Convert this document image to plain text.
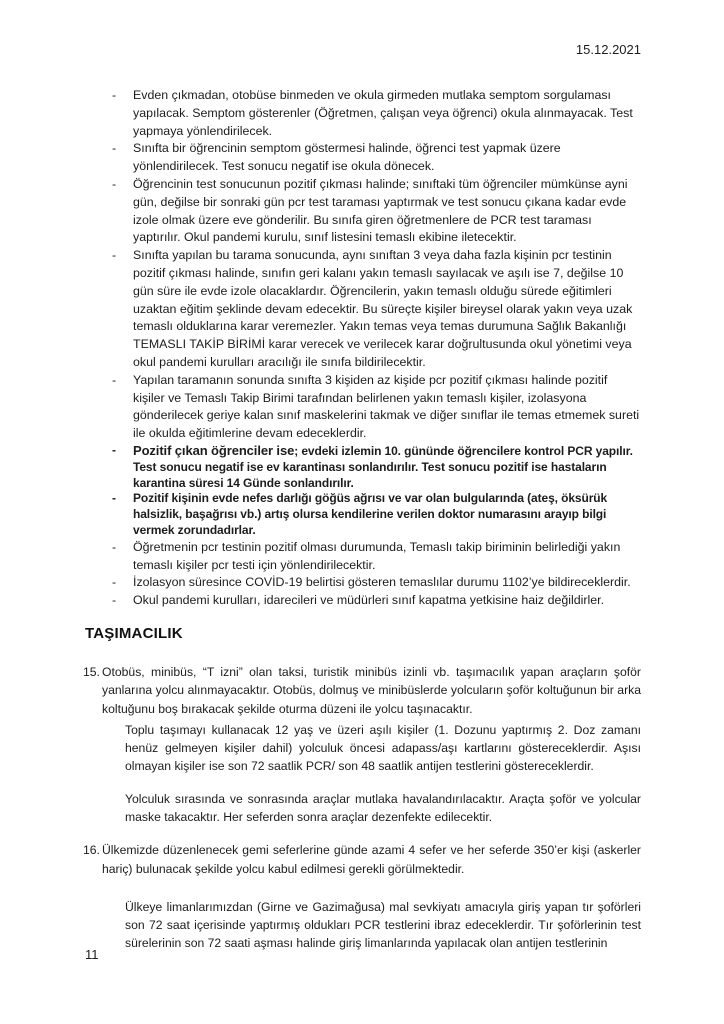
15.12.2021
- Evden çıkmadan, otobüse binmeden ve okula girmeden mutlaka semptom sorgulaması yapılacak. Semptom gösterenler (Öğretmen, çalışan veya öğrenci) okula alınmayacak. Test yapmaya yönlendirilecek.
- Sınıfta bir öğrencinin semptom göstermesi halinde, öğrenci test yapmak üzere yönlendirilecek. Test sonucu negatif ise okula dönecek.
- Öğrencinin test sonucunun pozitif çıkması halinde; sınıftaki tüm öğrenciler mümkünse ayni gün, değilse bir sonraki gün pcr test taraması yaptırmak ve test sonucu çıkana kadar evde izole olmak üzere eve gönderilir. Bu sınıfa giren öğretmenlere de PCR test taraması yaptırılır. Okul pandemi kurulu, sınıf listesini temaslı ekibine iletecektir.
- Sınıfta yapılan bu tarama sonucunda, aynı sınıftan 3 veya daha fazla kişinin pcr testinin pozitif çıkması halinde, sınıfın geri kalanı yakın temaslı sayılacak ve aşılı ise 7, değilse 10 gün süre ile evde izole olacaklardır. Öğrencilerin, yakın temaslı olduğu sürede eğitimleri uzaktan eğitim şeklinde devam edecektir. Bu süreçte kişiler bireysel olarak yakın veya uzak temaslı olduklarına karar veremezler. Yakın temas veya temas durumuna Sağlık Bakanlığı TEMASLI TAKİP BİRİMİ karar verecek ve verilecek karar doğrultusunda okul yönetimi veya okul pandemi kurulları aracılığı ile sınıfa bildirilecektir.
- Yapılan taramanın sonunda sınıfta 3 kişiden az kişide pcr pozitif çıkması halinde pozitif kişiler ve Temaslı Takip Birimi tarafından belirlenen yakın temaslı kişiler, izolasyona gönderilecek geriye kalan sınıf maskelerini takmak ve diğer sınıflar ile temas etmemek sureti ile okulda eğitimlerine devam edeceklerdir.
- Pozitif çıkan öğrenciler ise; evdeki izlemin 10. gününde öğrencilere kontrol PCR yapılır. Test sonucu negatif ise ev karantinası sonlandırılır. Test sonucu pozitif ise hastaların karantina süresi 14 Günde sonlandırılır.
- Pozitif kişinin evde nefes darlığı göğüs ağrısı ve var olan bulgularında (ateş, öksürük halsizlik, başağrısı vb.) artış olursa kendilerine verilen doktor numarasını arayıp bilgi vermek zorundadırlar.
- Öğretmenin pcr testinin pozitif olması durumunda, Temaslı takip biriminin belirlediği yakın temaslı kişiler pcr testi için yönlendirilecektir.
- İzolasyon süresince COVİD-19 belirtisi gösteren temaslılar durumu 1102’ye bildireceklerdir.
- Okul pandemi kurulları, idarecileri ve müdürleri sınıf kapatma yetkisine haiz değildirler.
TAŞIMACILIK
15. Otobüs, minibüs, “T izni” olan taksi, turistik minibüs izinli vb. taşımacılık yapan araçların şoför yanlarına yolcu alınmayacaktır. Otobüs, dolmuş ve minibüslerde yolcuların şoför koltuğunun bir arka koltuğunu boş bırakacak şekilde oturma düzeni ile yolcu taşınacaktır.

Toplu taşımayı kullanacak 12 yaş ve üzeri aşılı kişiler (1. Dozunu yaptırmış 2. Doz zamanı henüz gelmeyen kişiler dahil) yolculuk öncesi adapass/aşı kartlarını göstereceklerdir. Aşısı olmayan kişiler ise son 72 saatlik PCR/ son 48 saatlik antijen testlerini göstereceklerdir.

Yolculuk sırasında ve sonrasında araçlar mutlaka havalandırılacaktır. Araçta şoför ve yolcular maske takacaktır. Her seferden sonra araçlar dezenfekte edilecektir.

16. Ülkemizde düzenlenecek gemi seferlerine günde azami 4 sefer ve her seferde 350’er kişi (askerler hariç) bulunacak şekilde yolcu kabul edilmesi gerekli görülmektedir.

Ülkeye limanlarımızdan (Girne ve Gazimağusa) mal sevkiyatı amacıyla giriş yapan tır şoförleri son 72 saat içerisinde yaptırmış oldukları PCR testlerini ibraz edeceklerdir. Tır şoförlerinin test sürelerinin son 72 saati aşması halinde giriş limanlarında yapılacak olan antijen testlerinin

11
